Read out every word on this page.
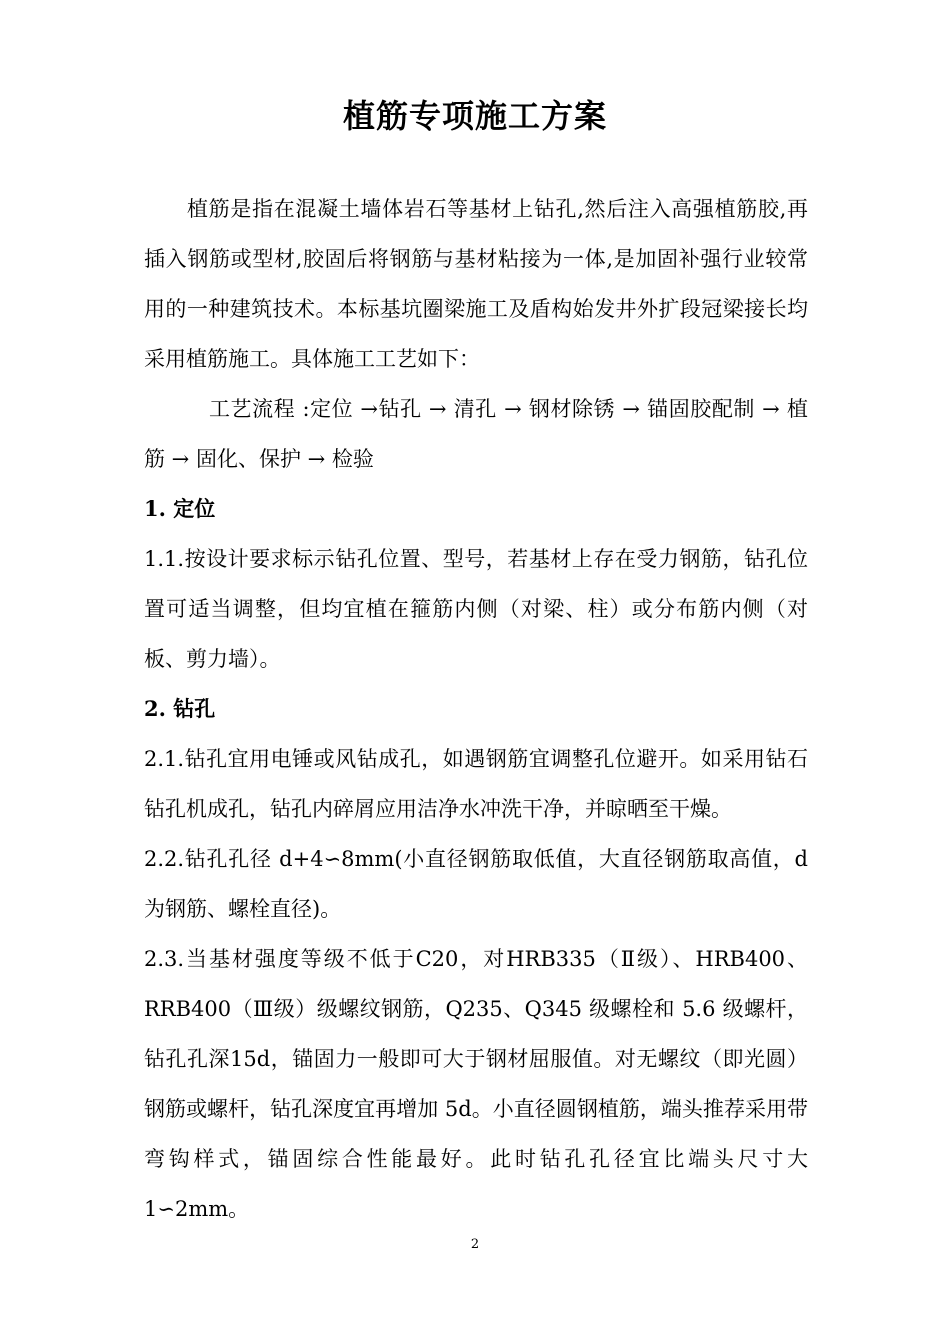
植筋专项施工方案

植筋是指在混凝土墙体岩石等基材上钻孔,然后注入高强植筋胶,再插入钢筋或型材,胶固后将钢筋与基材粘接为一体,是加固补强行业较常用的一种建筑技术。本标基坑圈梁施工及盾构始发井外扩段冠梁接长均采用植筋施工。具体施工工艺如下：

工艺流程 :定位 →钻孔 → 清孔 → 钢材除锈 → 锚固胶配制 → 植筋 → 固化、保护 → 检验

1. 定位

1.1.按设计要求标示钻孔位置、型号，若基材上存在受力钢筋，钻孔位置可适当调整，但均宜植在箍筋内侧（对梁、柱）或分布筋内侧（对板、剪力墙）。

2. 钻孔

2.1.钻孔宜用电锤或风钻成孔，如遇钢筋宜调整孔位避开。如采用钻石钻孔机成孔，钻孔内碎屑应用洁净水冲洗干净，并晾晒至干燥。

2.2.钻孔孔径 d+4∽8mm(小直径钢筋取低值，大直径钢筋取高值，d为钢筋、螺栓直径)。

2.3.当基材强度等级不低于C20，对HRB335（Ⅱ级）、HRB400、RRB400（Ⅲ级）级螺纹钢筋，Q235、Q345 级螺栓和 5.6 级螺杆，钻孔孔深15d，锚固力一般即可大于钢材屈服值。对无螺纹（即光圆）钢筋或螺杆，钻孔深度宜再增加 5d。小直径圆钢植筋，端头推荐采用带弯钩样式，锚固综合性能最好。此时钻孔孔径宜比端头尺寸大 1∽2mm。

2
